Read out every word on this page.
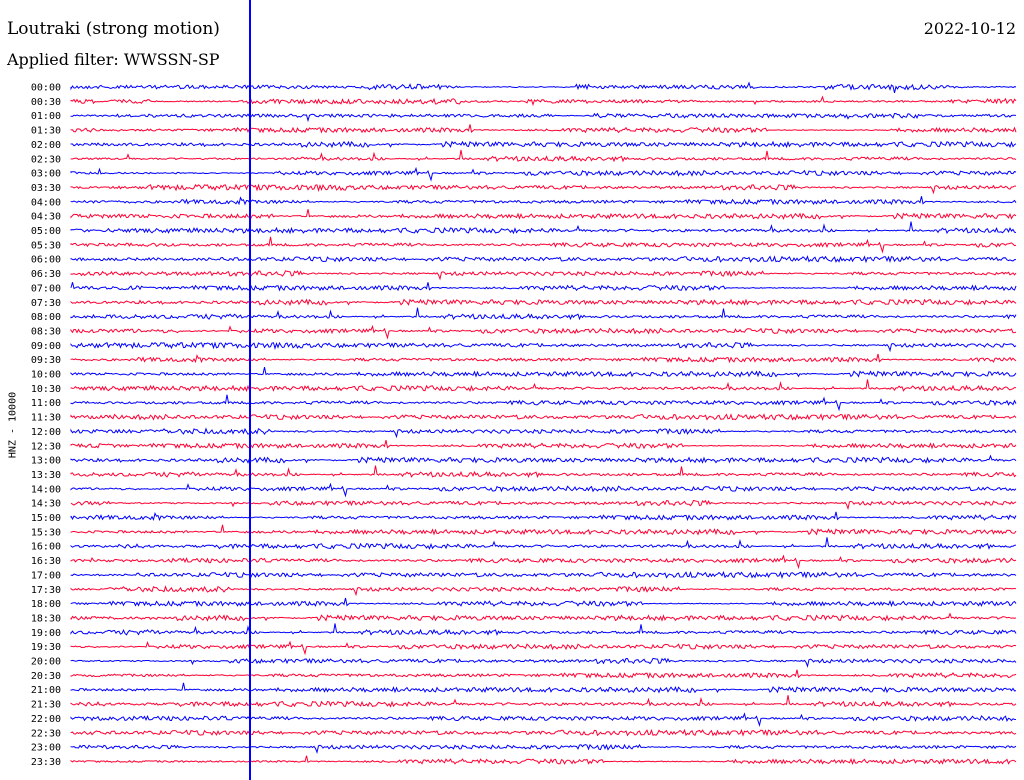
Loutraki (strong motion)
Applied filter: WWSSN-SP
2022-10-12
HNZ - 10000
00:00
00:30
01:00
01:30
02:00
02:30
03:00
03:30
04:00
04:30
05:00
05:30
06:00
06:30
07:00
07:30
08:00
08:30
09:00
09:30
10:00
10:30
11:00
11:30
12:00
12:30
13:00
13:30
14:00
14:30
15:00
15:30
16:00
16:30
17:00
17:30
18:00
18:30
19:00
19:30
20:00
20:30
21:00
21:30
22:00
22:30
23:00
23:30
